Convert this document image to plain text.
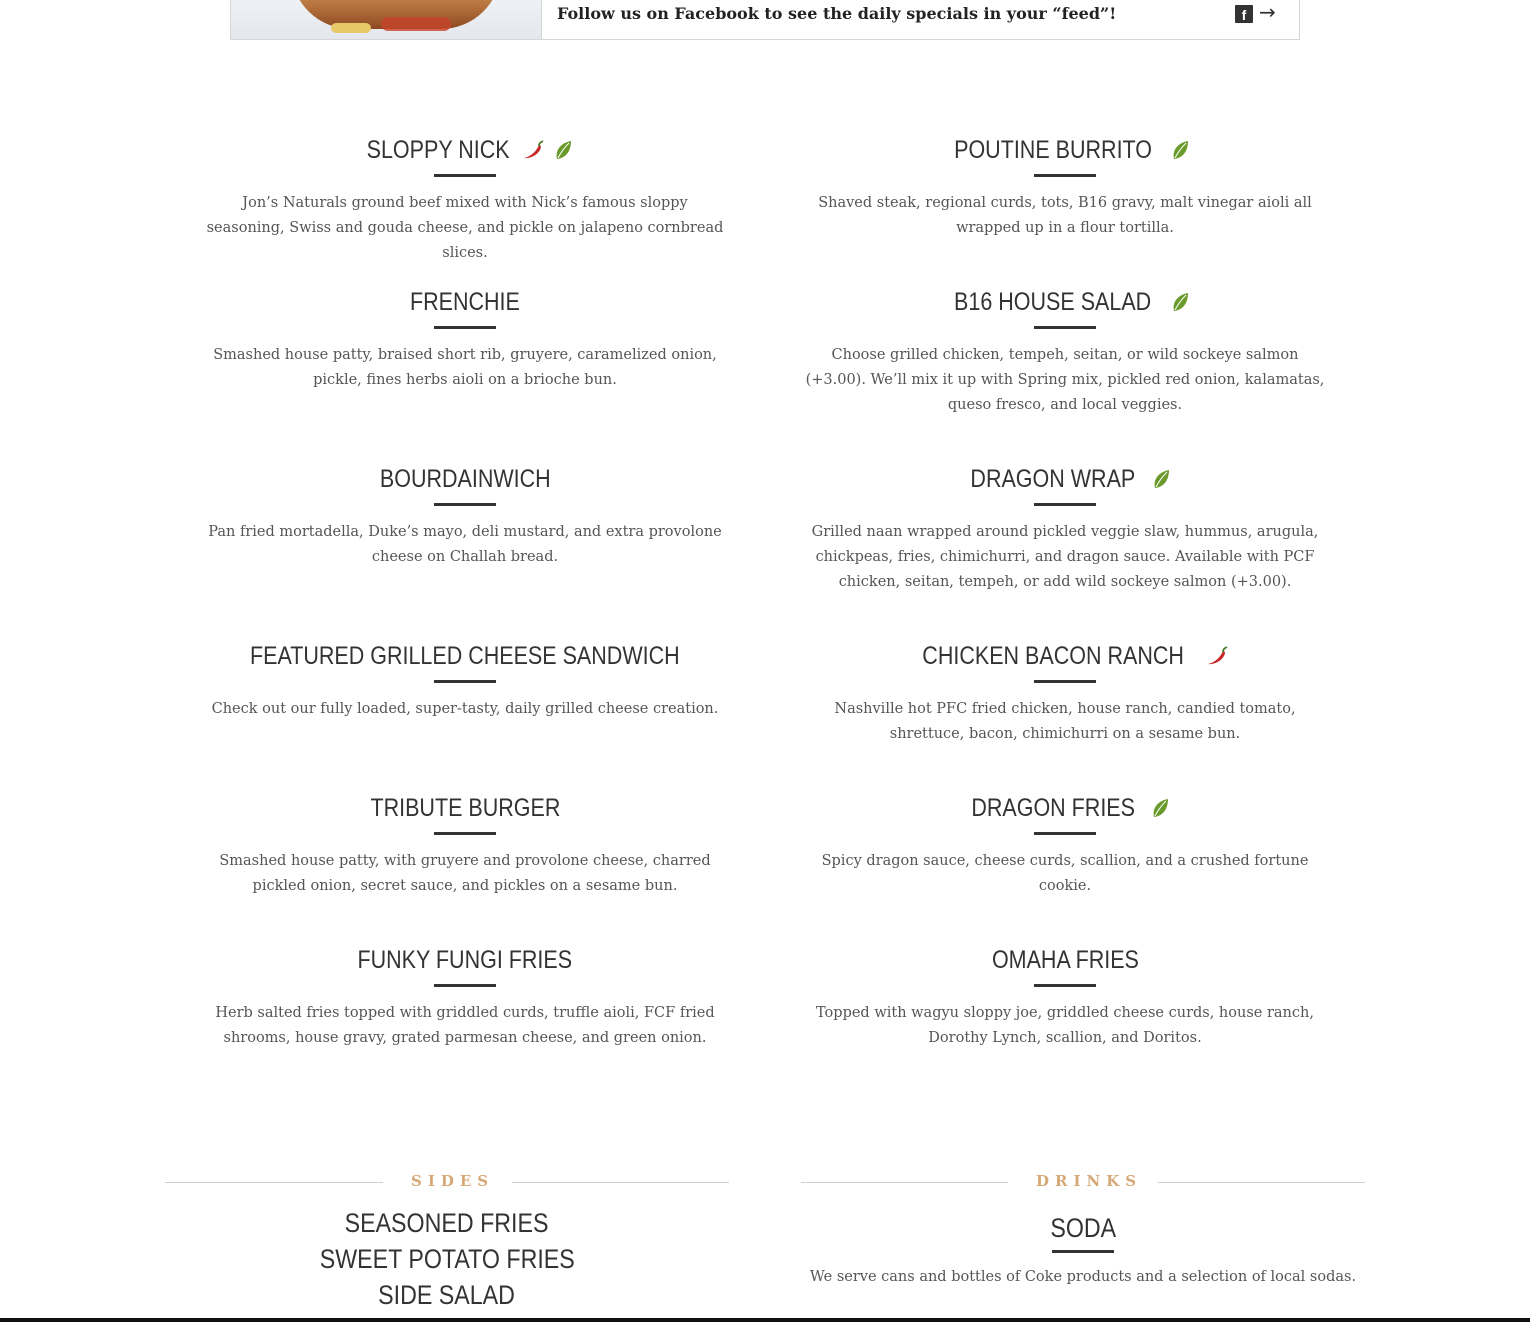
Follow us on Facebook to see the daily specials in your “feed”!	f →
SLOPPY NICK
Jon’s Naturals ground beef mixed with Nick’s famous sloppy seasoning, Swiss and gouda cheese, and pickle on jalapeno cornbread slices.
POUTINE BURRITO
Shaved steak, regional curds, tots, B16 gravy, malt vinegar aioli all wrapped up in a flour tortilla.
FRENCHIE
Smashed house patty, braised short rib, gruyere, caramelized onion, pickle, fines herbs aioli on a brioche bun.
B16 HOUSE SALAD
Choose grilled chicken, tempeh, seitan, or wild sockeye salmon (+3.00). We’ll mix it up with Spring mix, pickled red onion, kalamatas, queso fresco, and local veggies.
BOURDAINWICH
Pan fried mortadella, Duke’s mayo, deli mustard, and extra provolone cheese on Challah bread.
DRAGON WRAP
Grilled naan wrapped around pickled veggie slaw, hummus, arugula, chickpeas, fries, chimichurri, and dragon sauce. Available with PCF chicken, seitan, tempeh, or add wild sockeye salmon (+3.00).
FEATURED GRILLED CHEESE SANDWICH
Check out our fully loaded, super-tasty, daily grilled cheese creation.
CHICKEN BACON RANCH
Nashville hot PFC fried chicken, house ranch, candied tomato, shrettuce, bacon, chimichurri on a sesame bun.
TRIBUTE BURGER
Smashed house patty, with gruyere and provolone cheese, charred pickled onion, secret sauce, and pickles on a sesame bun.
DRAGON FRIES
Spicy dragon sauce, cheese curds, scallion, and a crushed fortune cookie.
FUNKY FUNGI FRIES
Herb salted fries topped with griddled curds, truffle aioli, FCF fried shrooms, house gravy, grated parmesan cheese, and green onion.
OMAHA FRIES
Topped with wagyu sloppy joe, griddled cheese curds, house ranch, Dorothy Lynch, scallion, and Doritos.
SIDES
SEASONED FRIES
SWEET POTATO FRIES
SIDE SALAD
DRINKS
SODA
We serve cans and bottles of Coke products and a selection of local sodas.
